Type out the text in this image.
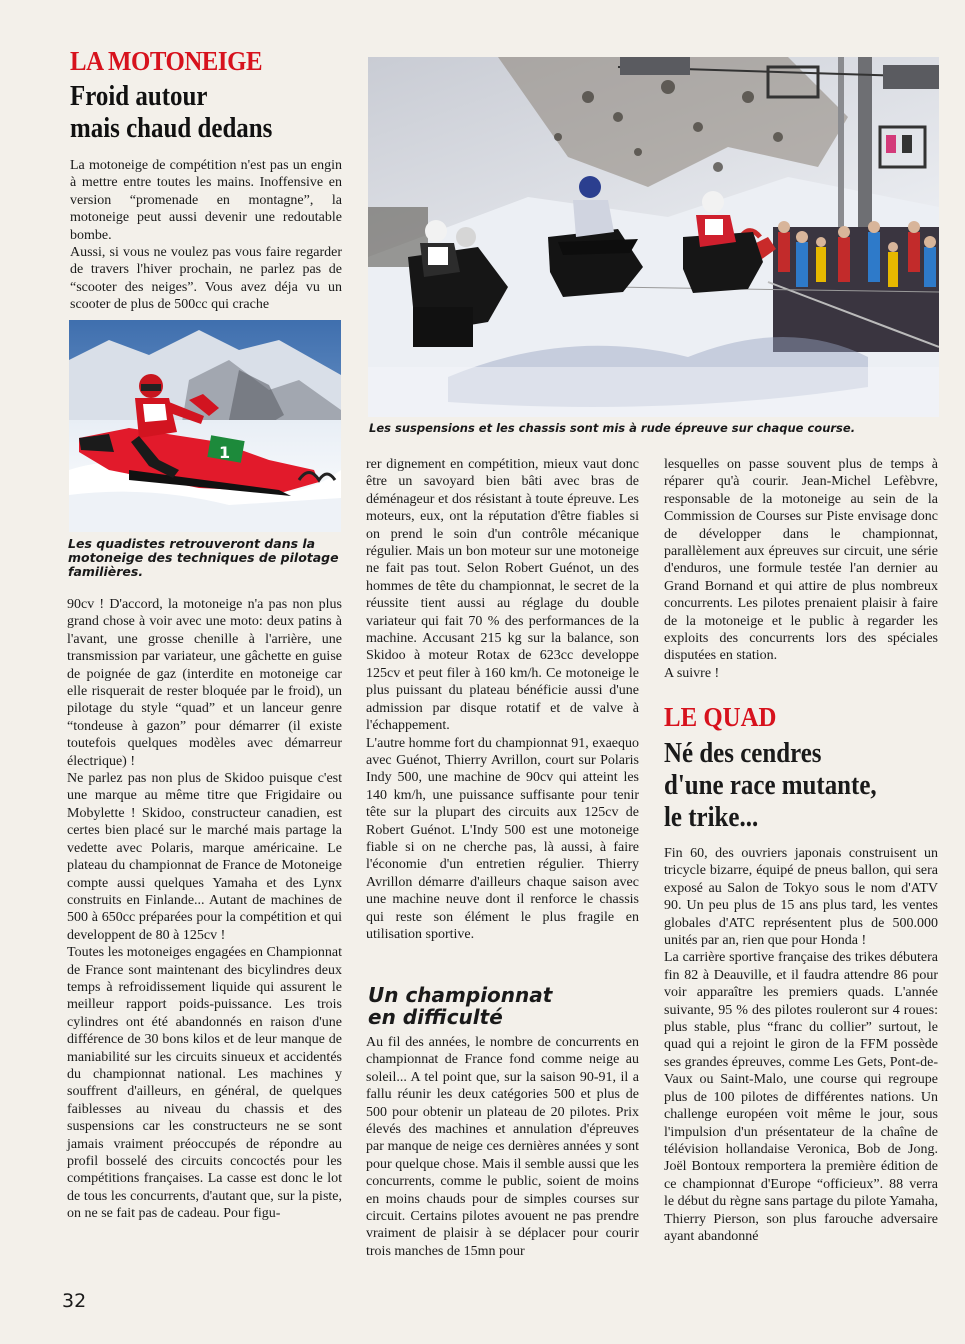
LA MOTONEIGE
Froid autour
mais chaud dedans

La motoneige de compétition n'est pas un engin à mettre entre toutes les mains. Inoffensive en version “promenade en montagne”, la motoneige peut aussi devenir une redoutable bombe.

Aussi, si vous ne voulez pas vous faire regarder de travers l'hiver prochain, ne parlez pas de “scooter des neiges”. Vous avez déja vu un scooter de plus de 500cc qui crache

1
Les quadistes retrouveront dans la motoneige des techniques de pilotage familières.

90cv ! D'accord, la motoneige n'a pas non plus grand chose à voir avec une moto: deux patins à l'avant, une grosse chenille à l'arrière, une transmission par variateur, une gâchette en guise de poignée de gaz (interdite en motoneige car elle risquerait de rester bloquée par le froid), un pilotage du style “quad” et un lanceur genre “tondeuse à gazon” pour démarrer (il existe toutefois quelques modèles avec démarreur électrique) !

Ne parlez pas non plus de Skidoo puisque c'est une marque au même titre que Frigidaire ou Mobylette ! Skidoo, constructeur canadien, est certes bien placé sur le marché mais partage la vedette avec Polaris, marque américaine. Le plateau du championnat de France de Motoneige compte aussi quelques Yamaha et des Lynx construits en Finlande... Autant de machines de 500 à 650cc préparées pour la compétition et qui developpent de 80 à 125cv !

Toutes les motoneiges engagées en Championnat de France sont maintenant des bicylindres deux temps à refroidissement liquide qui assurent le meilleur rapport poids-puissance. Les trois cylindres ont été abandonnés en raison d'une différence de 30 bons kilos et de leur manque de maniabilité sur les circuits sinueux et accidentés du championnat national. Les machines y souffrent d'ailleurs, en général, de quelques faiblesses au niveau du chassis et des suspensions car les constructeurs ne se sont jamais vraiment préoccupés de répondre au profil bosselé des circuits concoctés pour les compétitions françaises. La casse est donc le lot de tous les concurrents, d'autant que, sur la piste, on ne se fait pas de cadeau. Pour figu-

Les suspensions et les chassis sont mis à rude épreuve sur chaque course.

rer dignement en compétition, mieux vaut donc être un savoyard bien bâti avec bras de déménageur et dos résistant à toute épreuve. Les moteurs, eux, ont la réputation d'être fiables si on prend le soin d'un contrôle mécanique régulier. Mais un bon moteur sur une motoneige ne fait pas tout. Selon Robert Guénot, un des hommes de tête du championnat, le secret de la réussite tient aussi au réglage du double variateur qui fait 70 % des performances de la machine. Accusant 215 kg sur la balance, son Skidoo à moteur Rotax de 623cc developpe 125cv et peut filer à 160 km/h. Ce motoneige le plus puissant du plateau bénéficie aussi d'une admission par disque rotatif et de valve à l'échappement.

L'autre homme fort du championnat 91, exaequo avec Guénot, Thierry Avrillon, court sur Polaris Indy 500, une machine de 90cv qui atteint les 140 km/h, une puissance suffisante pour tenir tête sur la plupart des circuits aux 125cv de Robert Guénot. L'Indy 500 est une motoneige fiable si on ne cherche pas, là aussi, à faire l'économie d'un entretien régulier. Thierry Avrillon démarre d'ailleurs chaque saison avec une machine neuve dont il renforce le chassis qui reste son élément le plus fragile en utilisation sportive.

Un championnat
en difficulté

Au fil des années, le nombre de concurrents en championnat de France fond comme neige au soleil... A tel point que, sur la saison 90-91, il a fallu réunir les deux catégories 500 et plus de 500 pour obtenir un plateau de 20 pilotes. Prix élevés des machines et annulation d'épreuves par manque de neige ces dernières années y sont pour quelque chose. Mais il semble aussi que les concurrents, comme le public, soient de moins en moins chauds pour de simples courses sur circuit. Certains pilotes avouent ne pas prendre vraiment de plaisir à se déplacer pour courir trois manches de 15mn pour

lesquelles on passe souvent plus de temps à réparer qu'à courir. Jean-Michel Lefèbvre, responsable de la motoneige au sein de la Commission de Courses sur Piste envisage donc de développer dans le championnat, parallèlement aux épreuves sur circuit, une série d'enduros, une formule testée l'an dernier au Grand Bornand et qui attire de plus nombreux concurrents. Les pilotes prenaient plaisir à faire de la motoneige et le public à regarder les exploits des concurrents lors des spéciales disputées en station.

A suivre !

LE QUAD
Né des cendres
d'une race mutante,
le trike...

Fin 60, des ouvriers japonais construisent un tricycle bizarre, équipé de pneus ballon, qui sera exposé au Salon de Tokyo sous le nom d'ATV 90. Un peu plus de 15 ans plus tard, les ventes globales d'ATC représentent plus de 500.000 unités par an, rien que pour Honda !

La carrière sportive française des trikes débutera fin 82 à Deauville, et il faudra attendre 86 pour voir apparaître les premiers quads. L'année suivante, 95 % des pilotes rouleront sur 4 roues: plus stable, plus “franc du collier” surtout, le quad qui a rejoint le giron de la FFM possède ses grandes épreuves, comme Les Gets, Pont-de-Vaux ou Saint-Malo, une course qui regroupe plus de 100 pilotes de différentes nations. Un challenge européen voit même le jour, sous l'impulsion d'un présentateur de la chaîne de télévision hollandaise Veronica, Bob de Jong. Joël Bontoux remportera la première édition de ce championnat d'Europe “officieux”. 88 verra le début du règne sans partage du pilote Yamaha, Thierry Pierson, son plus farouche adversaire ayant abandonné

32
